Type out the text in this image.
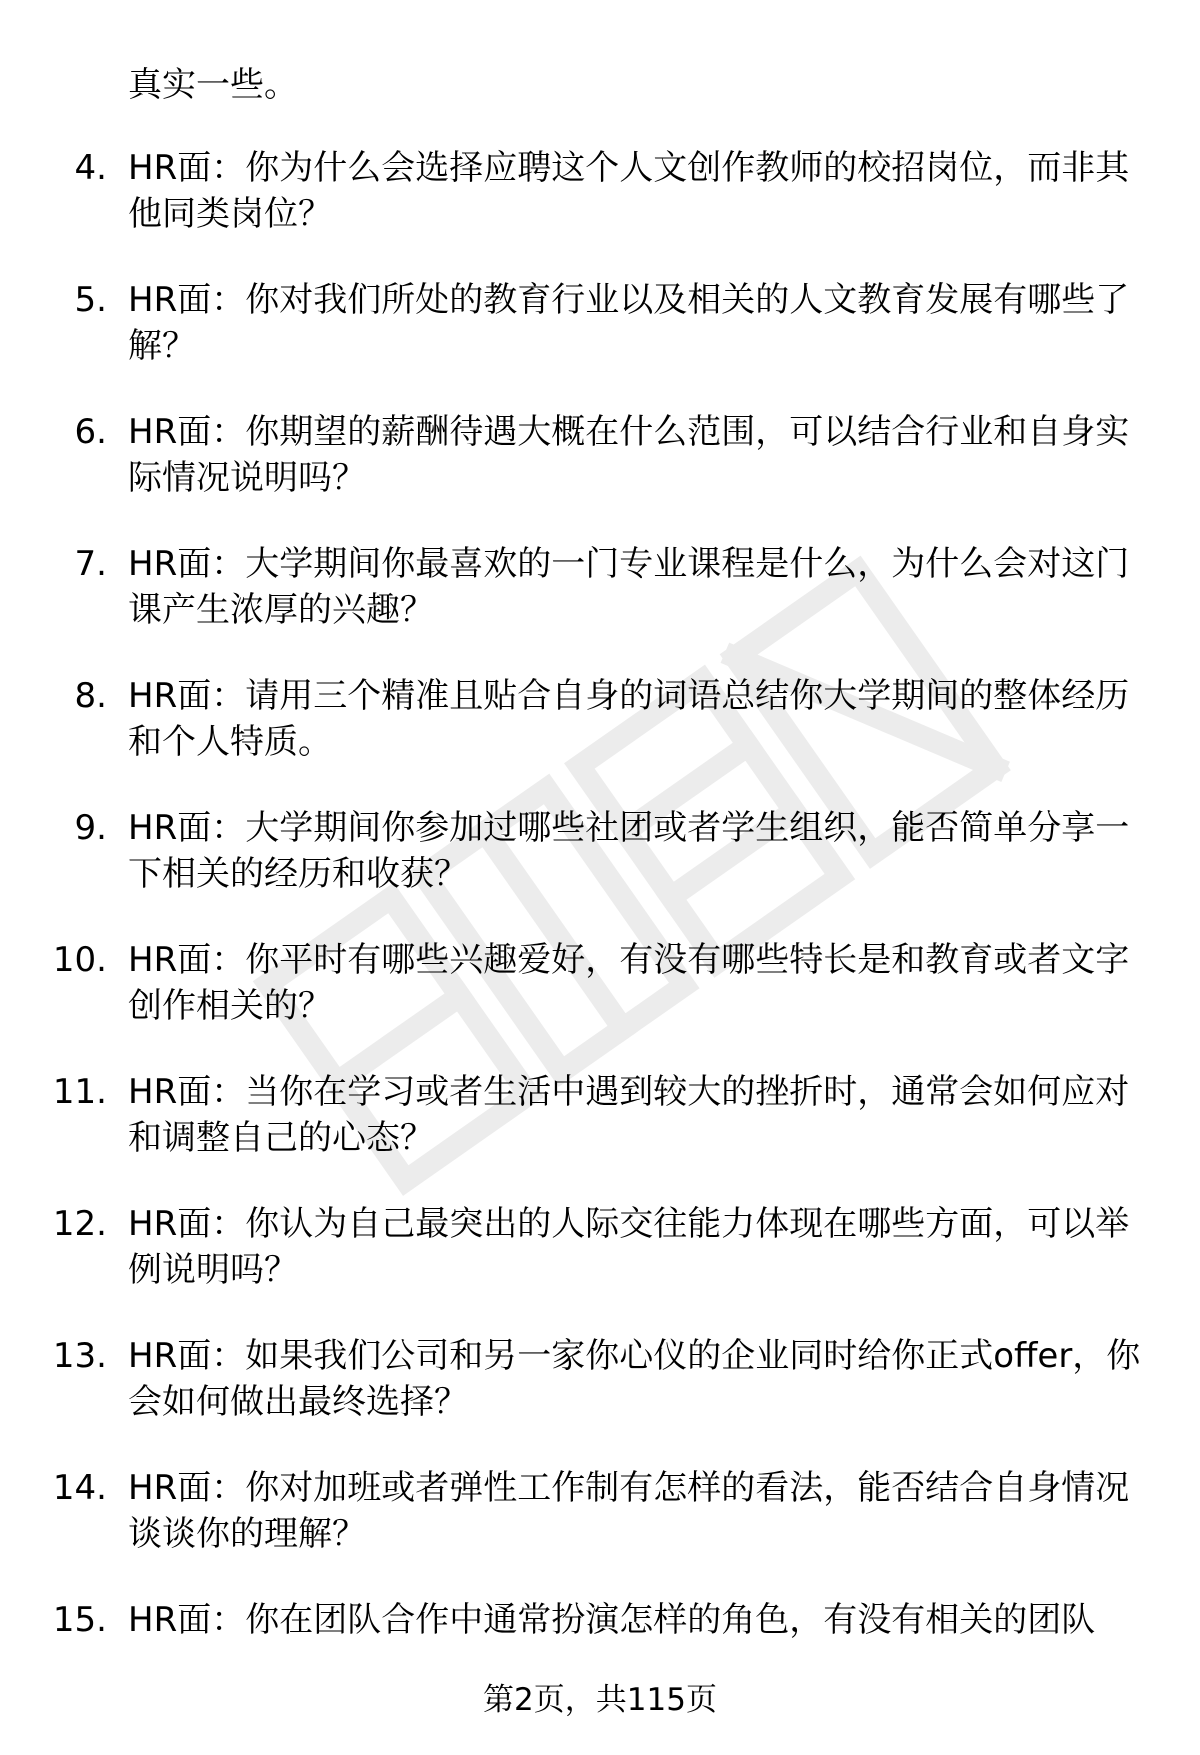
真实一些。
4. HR面：你为什么会选择应聘这个人文创作教师的校招岗位，而非其他同类岗位？
5. HR面：你对我们所处的教育行业以及相关的人文教育发展有哪些了解？
6. HR面：你期望的薪酬待遇大概在什么范围，可以结合行业和自身实际情况说明吗？
7. HR面：大学期间你最喜欢的一门专业课程是什么，为什么会对这门课产生浓厚的兴趣？
8. HR面：请用三个精准且贴合自身的词语总结你大学期间的整体经历和个人特质。
9. HR面：大学期间你参加过哪些社团或者学生组织，能否简单分享一下相关的经历和收获？
10. HR面：你平时有哪些兴趣爱好，有没有哪些特长是和教育或者文字创作相关的？
11. HR面：当你在学习或者生活中遇到较大的挫折时，通常会如何应对和调整自己的心态？
12. HR面：你认为自己最突出的人际交往能力体现在哪些方面，可以举例说明吗？
13. HR面：如果我们公司和另一家你心仪的企业同时给你正式offer，你会如何做出最终选择？
14. HR面：你对加班或者弹性工作制有怎样的看法，能否结合自身情况谈谈你的理解？
15. HR面：你在团队合作中通常扮演怎样的角色，有没有相关的团队
第2页，共115页
